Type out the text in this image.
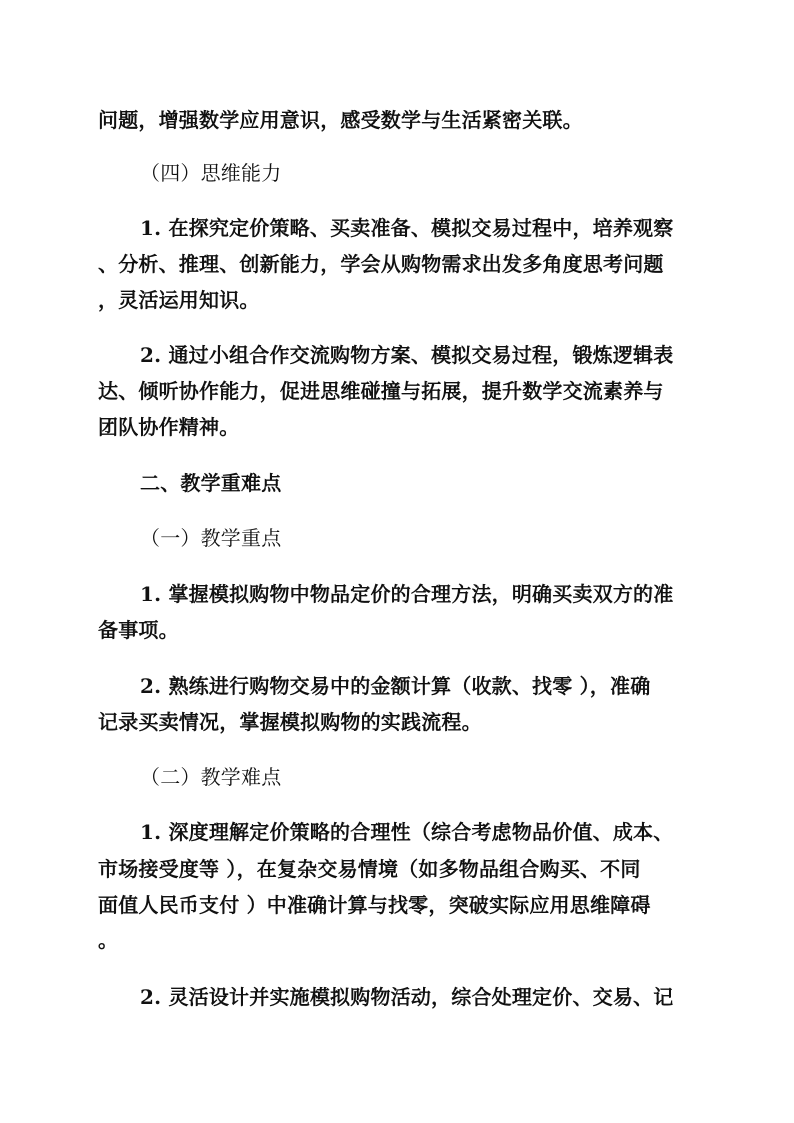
问题，增强数学应用意识，感受数学与生活紧密关联。
（四）思维能力
1. 在探究定价策略、买卖准备、模拟交易过程中，培养观察
、分析、推理、创新能力，学会从购物需求出发多角度思考问题
，灵活运用知识。
2. 通过小组合作交流购物方案、模拟交易过程，锻炼逻辑表
达、倾听协作能力，促进思维碰撞与拓展，提升数学交流素养与
团队协作精神。
二、教学重难点
（一）教学重点
1. 掌握模拟购物中物品定价的合理方法，明确买卖双方的准
备事项。
2. 熟练进行购物交易中的金额计算（收款、找零 ），准确
记录买卖情况，掌握模拟购物的实践流程。
（二）教学难点
1. 深度理解定价策略的合理性（综合考虑物品价值、成本、
市场接受度等 ），在复杂交易情境（如多物品组合购买、不同
面值人民币支付 ）中准确计算与找零，突破实际应用思维障碍
。
2. 灵活设计并实施模拟购物活动，综合处理定价、交易、记
